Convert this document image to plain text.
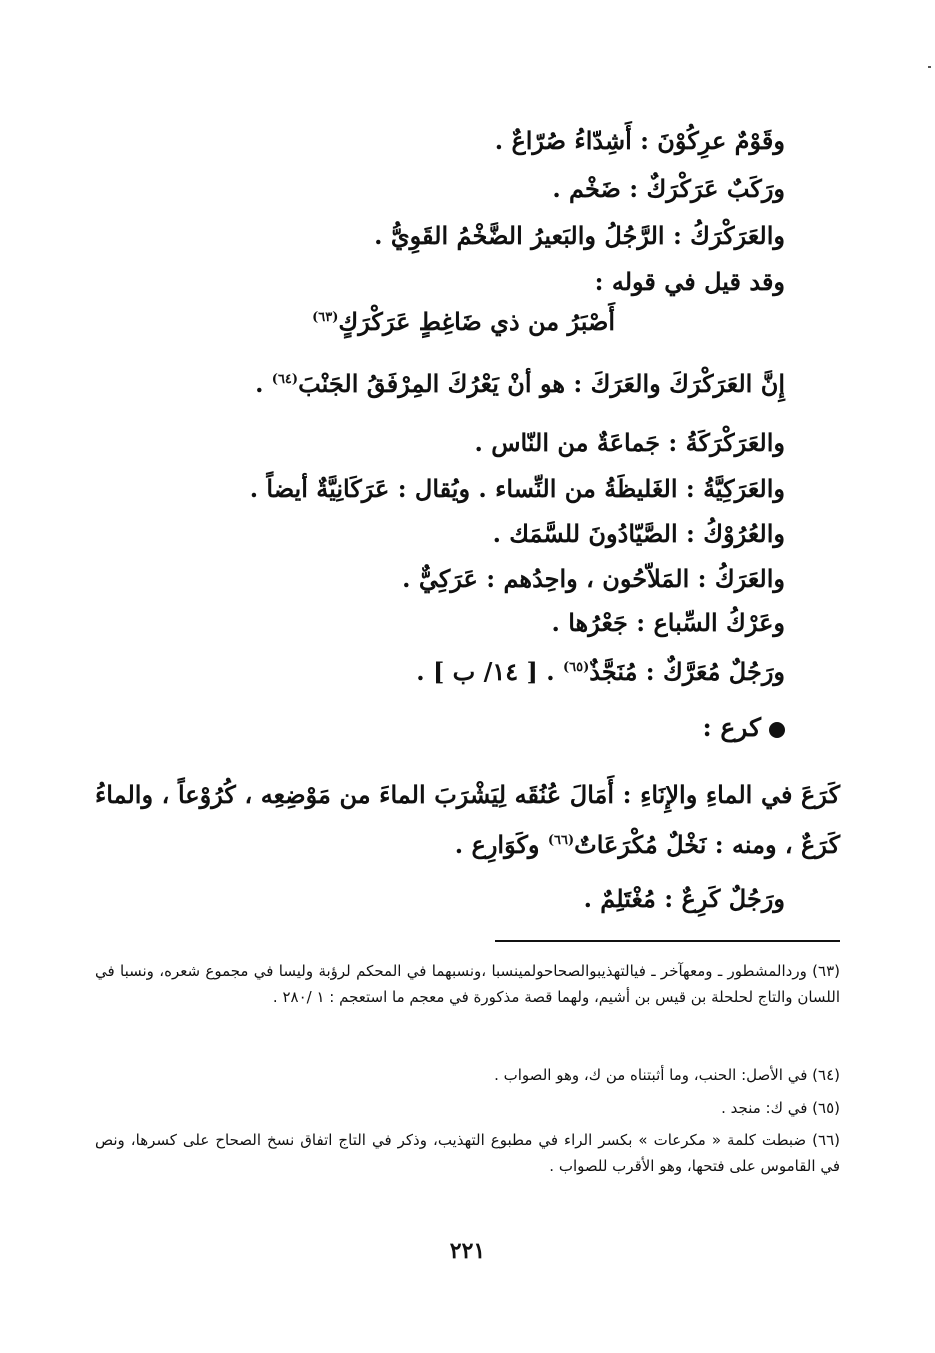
وقَوْمٌ عرِكُوْنَ : أَشِدّاءُ صُرّاعٌ .
ورَكَبٌ عَرَكْرَكٌ : ضَخْم .
والعَرَكْرَكُ : الرَّجُلُ والبَعيرُ الضَّخْمُ القَوِيُّ .
وقد قيل في قوله :
أَصْبَرُ من ذي ضَاغِطٍ عَرَكْرَكٍ$^{(٦٣)}$
إِنَّ العَرَكْرَكَ والعَرَكَ : هو أنْ يَعْرُكَ المِرْفَقُ الجَنْبَ$^{(٦٤)}$ .
والعَرَكْرَكَةُ : جَماعَةٌ من النّاس .
والعَرَكِيَّةُ : الغَليظَةُ من النِّساء . ويُقال : عَرَكَانِيَّةٌ أيضاً .
والعُرُوْكُ : الصَّيّادُونَ للسَّمَك .
والعَرَكُ : المَلاّحُون ، واحِدُهم : عَرَكِيٌّ .
وعَرْكُ السِّباع : جَعْرُها .
ورَجُلٌ مُعَرَّكٌ : مُنَجَّذٌ$^{(٦٥)}$ . [ ١٤/ ب ] .
كرع :
كَرَعَ في الماءِ والإِنَاءِ : أَمَالَ عُنُقَه لِيَشْرَبَ الماءَ من مَوْضِعِه ، كُرُوْعاً ، والماءُ كَرَعٌ ، ومنه : نَخْلٌ مُكْرَعَاتٌ$^{(٦٦)}$ وكَوَارِع .
ورَجُلٌ كَرِعٌ : مُغْتَلِمٌ .
(٦٣) وردالمشطور ـ ومعهآخر ـ فيالتهذيبوالصحاحولمينسبا ،ونسبهما في المحكم لرؤبة وليسا في مجموع شعره، ونسبا في اللسان والتاج لحلحلة بن قيس بن أشيم، ولهما قصة مذكورة في معجم ما استعجم : ١ /٢٨٠ .
(٦٤) في الأصل: الحنب، وما أثبتناه من ك، وهو الصواب .
(٦٥) في ك: منجد .
(٦٦) ضبطت كلمة « مكرعات » بكسر الراء في مطبوع التهذيب، وذكر في التاج اتفاق نسخ الصحاح على كسرها، ونص في القاموس على فتحها، وهو الأقرب للصواب .
٢٢١
